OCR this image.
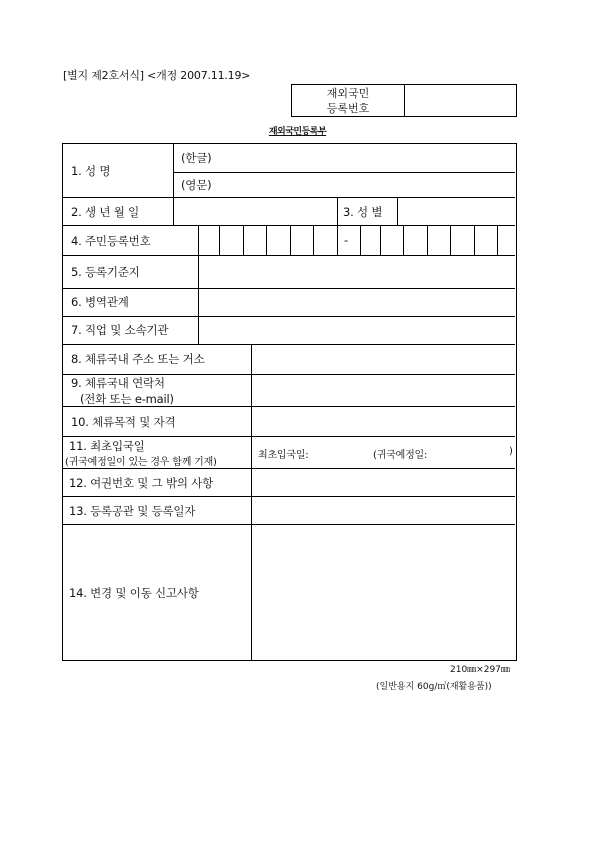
[별지 제2호서식] <개정 2007.11.19>
재외국민
등록번호
재외국민등록부
1. 성 명
(한글)
(영문)
2. 생 년 월 일	3. 성 별
4. 주민등록번호	-
5. 등록기준지
6. 병역관계
7. 직업 및 소속기관
8. 체류국내 주소 또는 거소
9. 체류국내 연락처
(전화 또는 e-mail)
10. 체류목적 및 자격
11. 최초입국일
(귀국예정일이 있는 경우 함께 기재)
최초입국일:	(귀국예정일:	)
12. 여권번호 및 그 밖의 사항
13. 등록공관 및 등록일자
14. 변경 및 이동 신고사항
210㎜×297㎜
(일반용지 60g/㎡(재활용품))
